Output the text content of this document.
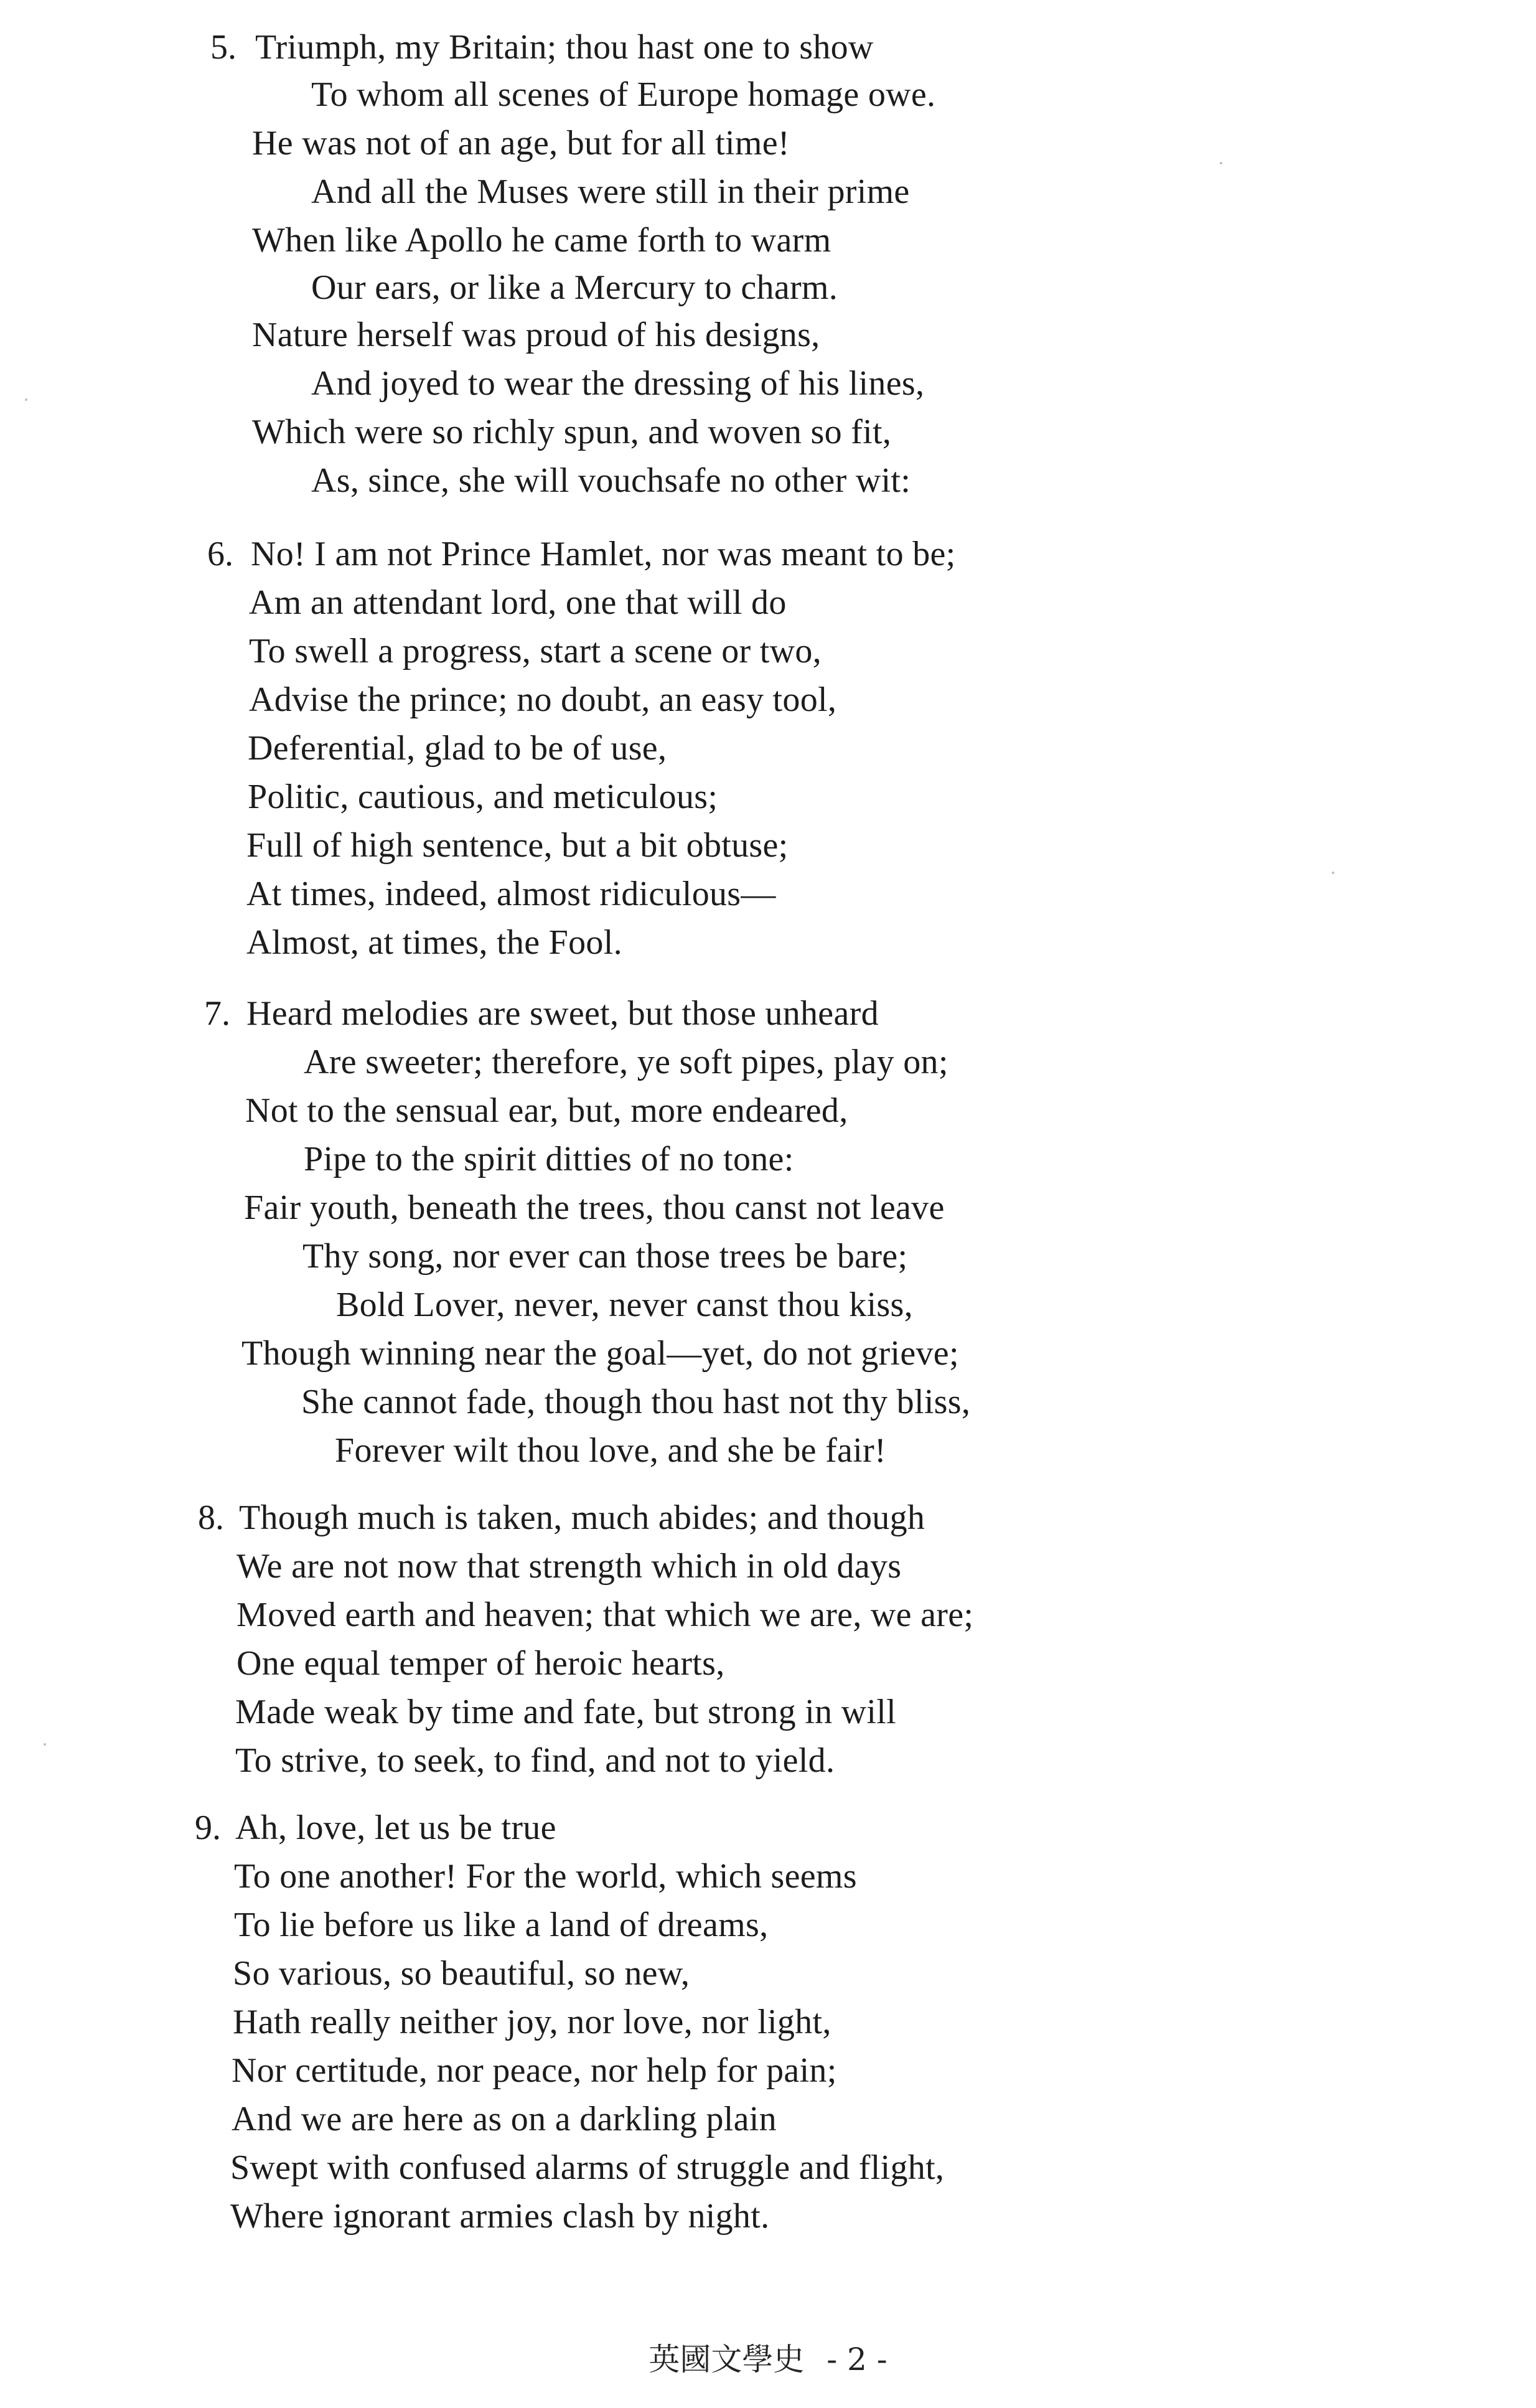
5. Triumph, my Britain; thou hast one to show
To whom all scenes of Europe homage owe.
He was not of an age, but for all time!
And all the Muses were still in their prime
When like Apollo he came forth to warm
Our ears, or like a Mercury to charm.
Nature herself was proud of his designs,
And joyed to wear the dressing of his lines,
Which were so richly spun, and woven so fit,
As, since, she will vouchsafe no other wit:
6. No! I am not Prince Hamlet, nor was meant to be;
Am an attendant lord, one that will do
To swell a progress, start a scene or two,
Advise the prince; no doubt, an easy tool,
Deferential, glad to be of use,
Politic, cautious, and meticulous;
Full of high sentence, but a bit obtuse;
At times, indeed, almost ridiculous—
Almost, at times, the Fool.
7. Heard melodies are sweet, but those unheard
Are sweeter; therefore, ye soft pipes, play on;
Not to the sensual ear, but, more endeared,
Pipe to the spirit ditties of no tone:
Fair youth, beneath the trees, thou canst not leave
Thy song, nor ever can those trees be bare;
Bold Lover, never, never canst thou kiss,
Though winning near the goal—yet, do not grieve;
She cannot fade, though thou hast not thy bliss,
Forever wilt thou love, and she be fair!
8. Though much is taken, much abides; and though
We are not now that strength which in old days
Moved earth and heaven; that which we are, we are;
One equal temper of heroic hearts,
Made weak by time and fate, but strong in will
To strive, to seek, to find, and not to yield.
9. Ah, love, let us be true
To one another! For the world, which seems
To lie before us like a land of dreams,
So various, so beautiful, so new,
Hath really neither joy, nor love, nor light,
Nor certitude, nor peace, nor help for pain;
And we are here as on a darkling plain
Swept with confused alarms of struggle and flight,
Where ignorant armies clash by night.
英國文學史 - 2 -
